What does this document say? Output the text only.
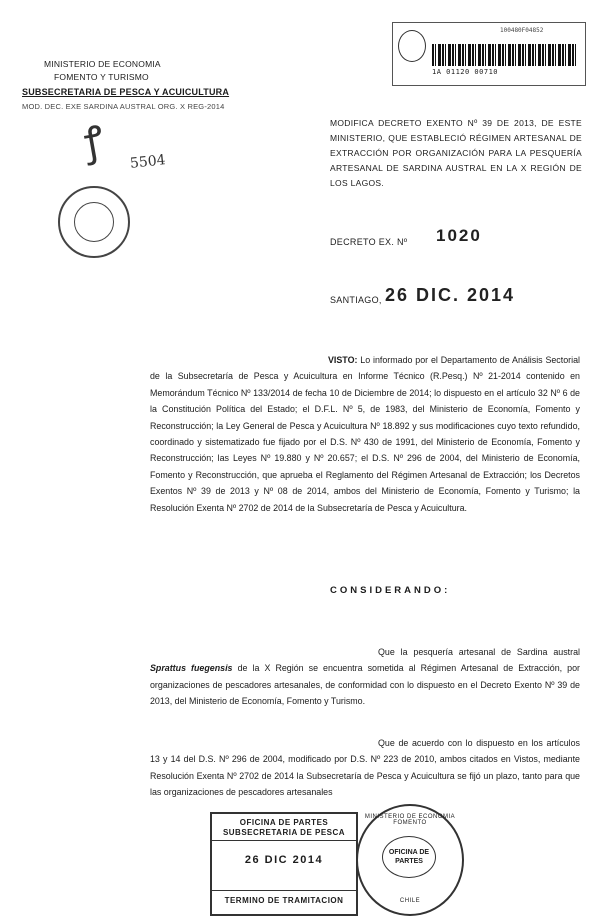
MINISTERIO DE ECONOMIA
FOMENTO Y TURISMO
SUBSECRETARIA DE PESCA Y ACUICULTURA
MOD. DEC. EXE SARDINA AUSTRAL ORG. X REG-2014
100480F04852
1A 01120 00710
ꝭ 5504
MODIFICA DECRETO EXENTO Nº 39 DE 2013, DE ESTE MINISTERIO, QUE ESTABLECIÓ RÉGIMEN ARTESANAL DE EXTRACCIÓN POR ORGANIZACIÓN PARA LA PESQUERÍA ARTESANAL DE SARDINA AUSTRAL EN LA X REGIÓN DE LOS LAGOS.
DECRETO EX. Nº 1020
SANTIAGO, 26 DIC. 2014
VISTO: Lo informado por el Departamento de Análisis Sectorial de la Subsecretaría de Pesca y Acuicultura en Informe Técnico (R.Pesq.) Nº 21-2014 contenido en Memorándum Técnico Nº 133/2014 de fecha 10 de Diciembre de 2014; lo dispuesto en el artículo 32 Nº 6 de la Constitución Política del Estado; el D.F.L. Nº 5, de 1983, del Ministerio de Economía, Fomento y Reconstrucción; la Ley General de Pesca y Acuicultura Nº 18.892 y sus modificaciones cuyo texto refundido, coordinado y sistematizado fue fijado por el D.S. Nº 430 de 1991, del Ministerio de Economía, Fomento y Reconstrucción; las Leyes Nº 19.880 y Nº 20.657; el D.S. Nº 296 de 2004, del Ministerio de Economía, Fomento y Reconstrucción, que aprueba el Reglamento del Régimen Artesanal de Extracción; los Decretos Exentos Nº 39 de 2013 y Nº 08 de 2014, ambos del Ministerio de Economía, Fomento y Turismo; la Resolución Exenta Nº 2702 de 2014 de la Subsecretaría de Pesca y Acuicultura.
CONSIDERANDO:
Que la pesquería artesanal de Sardina austral Sprattus fuegensis de la X Región se encuentra sometida al Régimen Artesanal de Extracción, por organizaciones de pescadores artesanales, de conformidad con lo dispuesto en el Decreto Exento Nº 39 de 2013, del Ministerio de Economía, Fomento y Turismo.
Que de acuerdo con lo dispuesto en los artículos 13 y 14 del D.S. Nº 296 de 2004, modificado por D.S. Nº 223 de 2010, ambos citados en Vistos, mediante Resolución Exenta Nº 2702 de 2014 la Subsecretaría de Pesca y Acuicultura se fijó un plazo, tanto para que las organizaciones de pescadores artesanales
OFICINA DE PARTES
SUBSECRETARIA DE PESCA
26 DIC 2014
TERMINO DE TRAMITACION
MINISTERIO DE ECONOMIA FOMENTO
OFICINA DE PARTES
CHILE
